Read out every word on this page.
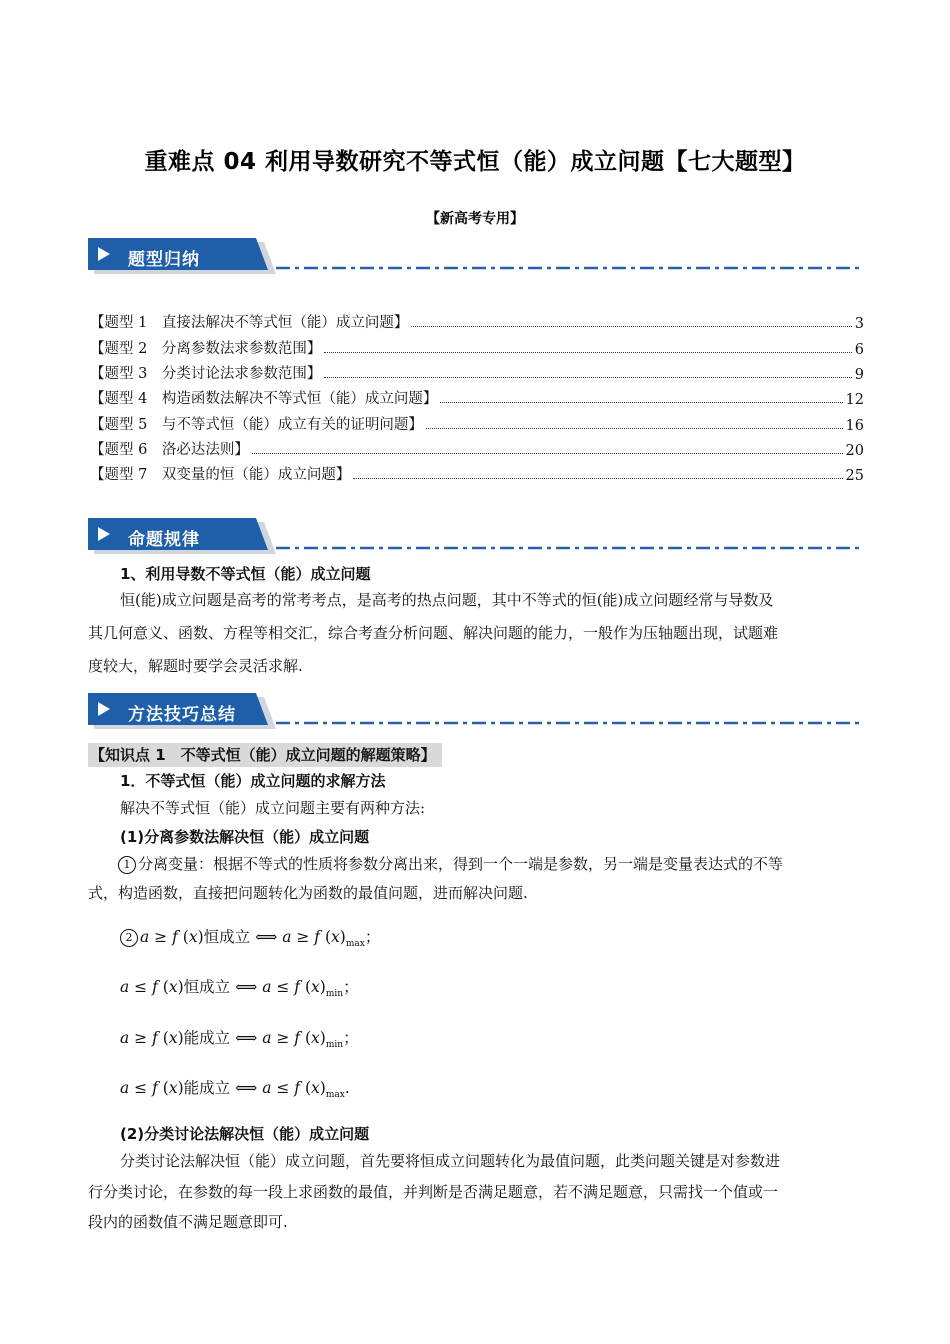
重难点 04 利用导数研究不等式恒（能）成立问题【七大题型】
【新高考专用】
题型归纳
【题型 1　直接法解决不等式恒（能）成立问题】	3
【题型 2　分离参数法求参数范围】	6
【题型 3　分类讨论法求参数范围】	9
【题型 4　构造函数法解决不等式恒（能）成立问题】	12
【题型 5　与不等式恒（能）成立有关的证明问题】	16
【题型 6　洛必达法则】	20
【题型 7　双变量的恒（能）成立问题】	25
命题规律
1、利用导数不等式恒（能）成立问题
恒(能)成立问题是高考的常考考点，是高考的热点问题，其中不等式的恒(能)成立问题经常与导数及
其几何意义、函数、方程等相交汇，综合考查分析问题、解决问题的能力，一般作为压轴题出现，试题难
度较大，解题时要学会灵活求解.
方法技巧总结
【知识点 1　不等式恒（能）成立问题的解题策略】
1．不等式恒（能）成立问题的求解方法
解决不等式恒（能）成立问题主要有两种方法:
(1)分离参数法解决恒（能）成立问题
1 分离变量：根据不等式的性质将参数分离出来，得到一个一端是参数，另一端是变量表达式的不等
式，构造函数，直接把问题转化为函数的最值问题，进而解决问题.
2 a ≥ f (x)恒成立 ⟺ a ≥ f $(x)_{max}$；
a ≤ f (x)恒成立 ⟺ a ≤ f $(x)_{min}$；
a ≥ f (x)能成立 ⟺ a ≥ f $(x)_{min}$；
a ≤ f (x)能成立 ⟺ a ≤ f $(x)_{max}$.
(2)分类讨论法解决恒（能）成立问题
分类讨论法解决恒（能）成立问题，首先要将恒成立问题转化为最值问题，此类问题关键是对参数进
行分类讨论，在参数的每一段上求函数的最值，并判断是否满足题意，若不满足题意，只需找一个值或一
段内的函数值不满足题意即可.
